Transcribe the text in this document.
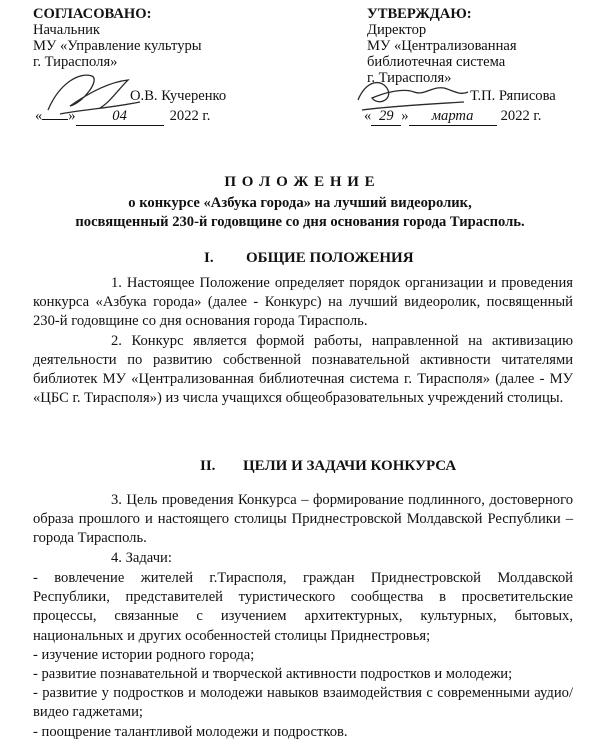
СОГЛАСОВАНО:
Начальник
МУ «Управление культуры
г. Тирасполя»
О.В. Кучеренко
« »	04	2022 г.
УТВЕРЖДАЮ:
Директор
МУ «Централизованная
библиотечная система
г. Тирасполя»
Т.П. Ряписова
« 29 » марта 2022 г.
П О Л О Ж Е Н И Е
о конкурсе «Азбука города» на лучший видеоролик,
посвященный 230-й годовщине со дня основания города Тирасполь.
I. ОБЩИЕ ПОЛОЖЕНИЯ

1. Настоящее Положение определяет порядок организации и проведения конкурса «Азбука города» (далее - Конкурс) на лучший видеоролик, посвященный 230-й годовщине со дня основания города Тирасполь.

2. Конкурс является формой работы, направленной на активизацию деятельности по развитию собственной познавательной активности читателями библиотек МУ «Централизованная библиотечная система г. Тирасполя» (далее - МУ «ЦБС г. Тирасполя») из числа учащихся общеобразовательных учреждений столицы.

II. ЦЕЛИ И ЗАДАЧИ КОНКУРСА

3. Цель проведения Конкурса – формирование подлинного, достоверного образа прошлого и настоящего столицы Приднестровской Молдавской Республики – города Тирасполь.

4. Задачи:

- вовлечение жителей г.Тирасполя, граждан Приднестровской Молдавской Республики, представителей туристического сообщества в просветительские процессы, связанные с изучением архитектурных, культурных, бытовых, национальных и других особенностей столицы Приднестровья;

- изучение истории родного города;

- развитие познавательной и творческой активности подростков и молодежи;

- развитие у подростков и молодежи навыков взаимодействия с современными аудио/видео гаджетами;

- поощрение талантливой молодежи и подростков.
